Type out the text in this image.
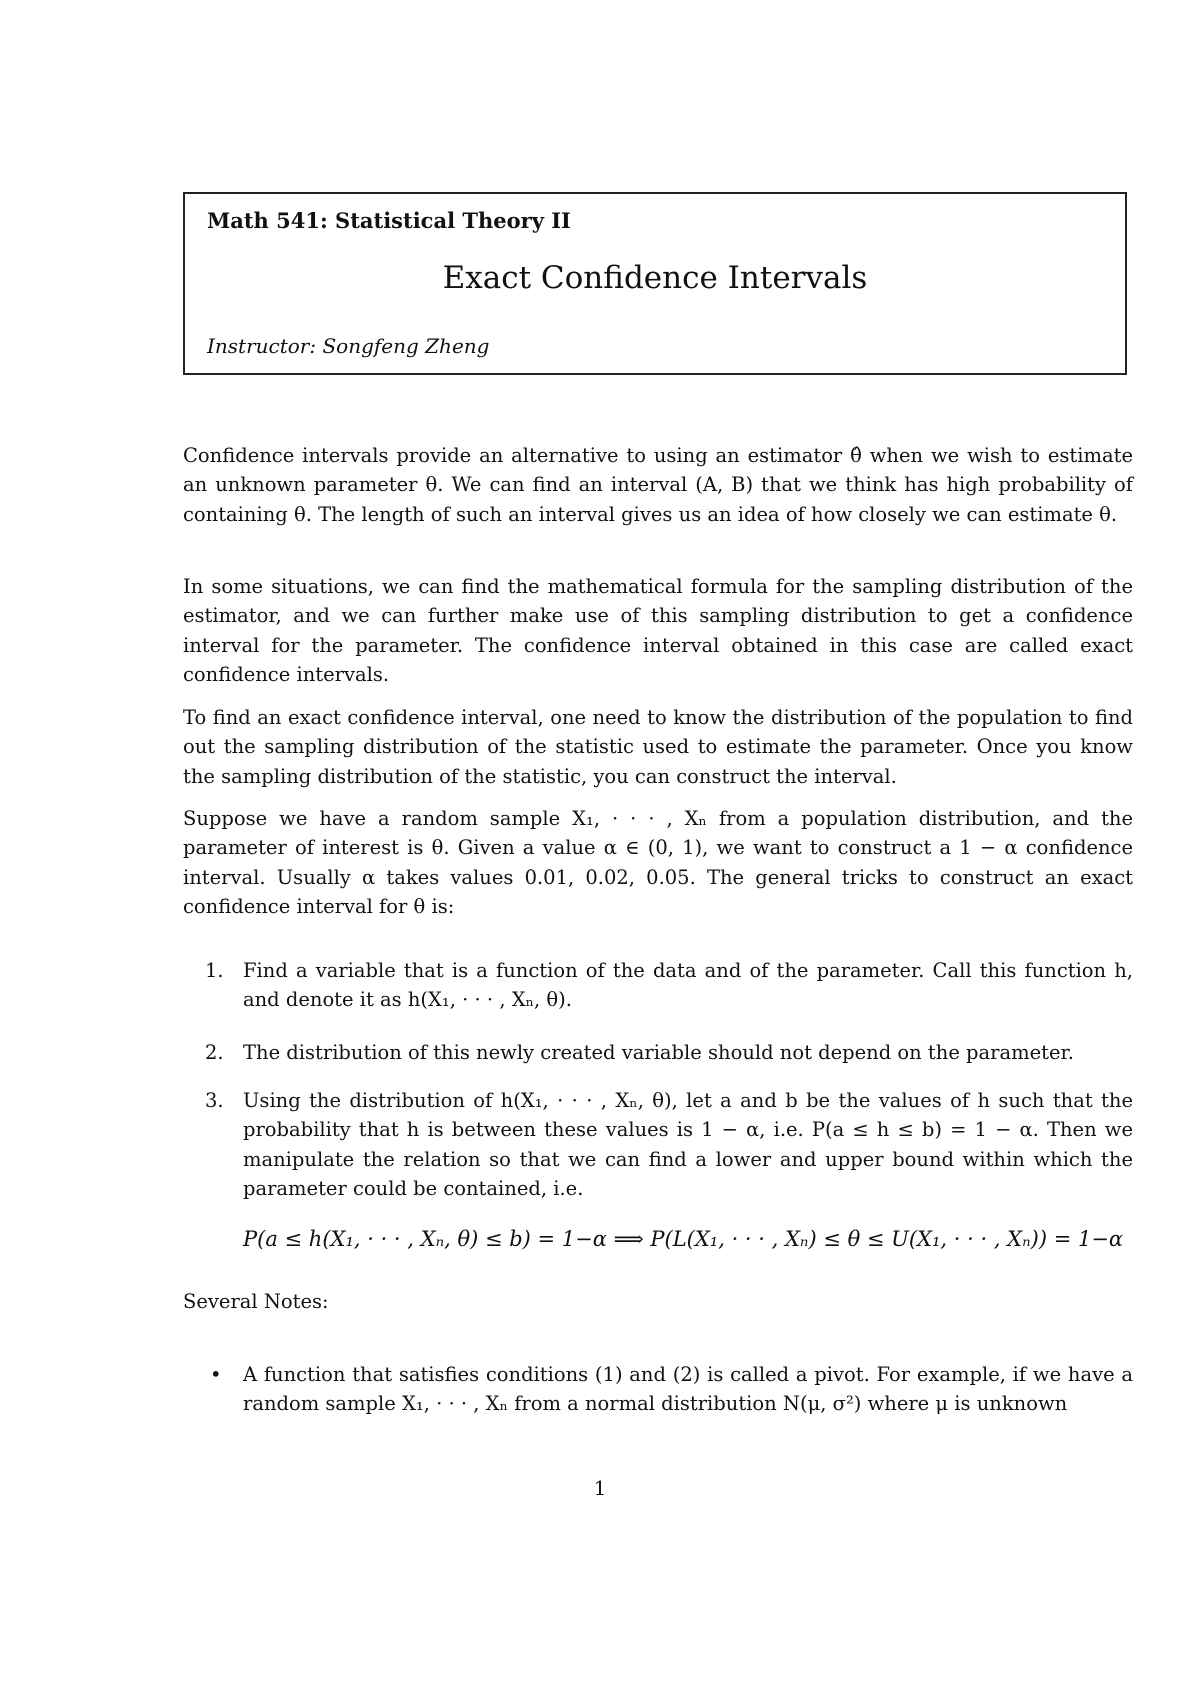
Math 541: Statistical Theory II
Exact Confidence Intervals
Instructor: Songfeng Zheng

Confidence intervals provide an alternative to using an estimator θ̂ when we wish to estimate an unknown parameter θ. We can find an interval (A, B) that we think has high probability of containing θ. The length of such an interval gives us an idea of how closely we can estimate θ.

In some situations, we can find the mathematical formula for the sampling distribution of the estimator, and we can further make use of this sampling distribution to get a confidence interval for the parameter. The confidence interval obtained in this case are called exact confidence intervals.

To find an exact confidence interval, one need to know the distribution of the population to find out the sampling distribution of the statistic used to estimate the parameter. Once you know the sampling distribution of the statistic, you can construct the interval.

Suppose we have a random sample X₁, · · · , Xₙ from a population distribution, and the parameter of interest is θ. Given a value α ∈ (0, 1), we want to construct a 1 − α confidence interval. Usually α takes values 0.01, 0.02, 0.05. The general tricks to construct an exact confidence interval for θ is:

1. Find a variable that is a function of the data and of the parameter. Call this function h, and denote it as h(X₁, · · · , Xₙ, θ).

2. The distribution of this newly created variable should not depend on the parameter.

3. Using the distribution of h(X₁, · · · , Xₙ, θ), let a and b be the values of h such that the probability that h is between these values is 1 − α, i.e. P(a ≤ h ≤ b) = 1 − α. Then we manipulate the relation so that we can find a lower and upper bound within which the parameter could be contained, i.e.

P(a ≤ h(X₁, · · · , Xₙ, θ) ≤ b) = 1−α ⟹ P(L(X₁, · · · , Xₙ) ≤ θ ≤ U(X₁, · · · , Xₙ)) = 1−α
Several Notes:
•	A function that satisfies conditions (1) and (2) is called a pivot. For example, if we have a random sample X₁, · · · , Xₙ from a normal distribution N(μ, σ²) where μ is unknown

1
